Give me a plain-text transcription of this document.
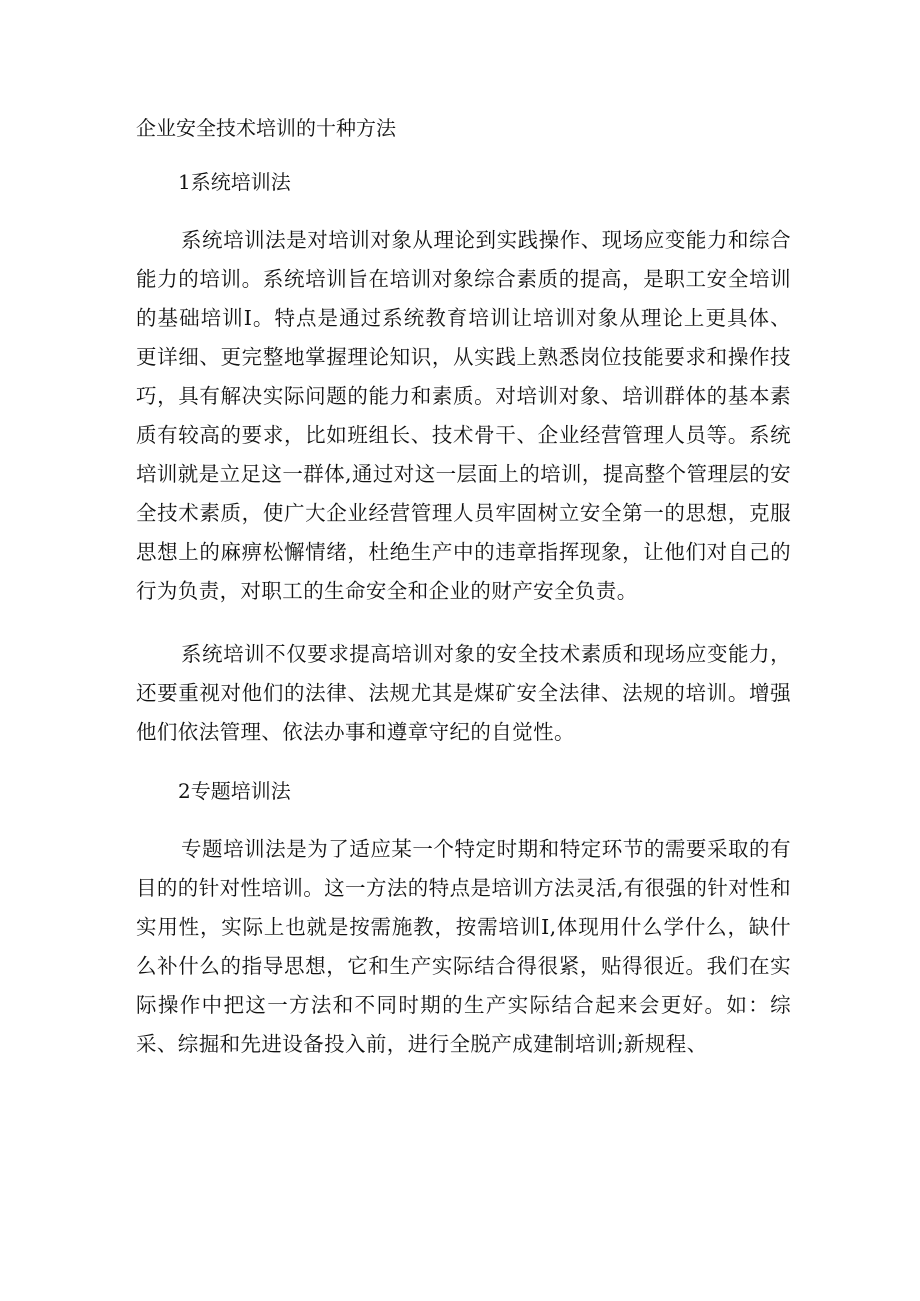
企业安全技术培训的十种方法
1系统培训法

系统培训法是对培训对象从理论到实践操作、现场应变能力和综合能力的培训。系统培训旨在培训对象综合素质的提高，是职工安全培训的基础培训I。特点是通过系统教育培训让培训对象从理论上更具体、更详细、更完整地掌握理论知识，从实践上熟悉岗位技能要求和操作技巧，具有解决实际问题的能力和素质。对培训对象、培训群体的基本素质有较高的要求，比如班组长、技术骨干、企业经营管理人员等。系统培训就是立足这一群体,通过对这一层面上的培训，提高整个管理层的安全技术素质，使广大企业经营管理人员牢固树立安全第一的思想，克服思想上的麻痹松懈情绪，杜绝生产中的违章指挥现象，让他们对自己的行为负责，对职工的生命安全和企业的财产安全负责。

系统培训不仅要求提高培训对象的安全技术素质和现场应变能力，还要重视对他们的法律、法规尤其是煤矿安全法律、法规的培训。增强他们依法管理、依法办事和遵章守纪的自觉性。

2专题培训法

专题培训法是为了适应某一个特定时期和特定环节的需要采取的有目的的针对性培训。这一方法的特点是培训方法灵活,有很强的针对性和实用性，实际上也就是按需施教，按需培训I,体现用什么学什么，缺什么补什么的指导思想，它和生产实际结合得很紧，贴得很近。我们在实际操作中把这一方法和不同时期的生产实际结合起来会更好。如：综采、综掘和先进设备投入前，进行全脱产成建制培训;新规程、
